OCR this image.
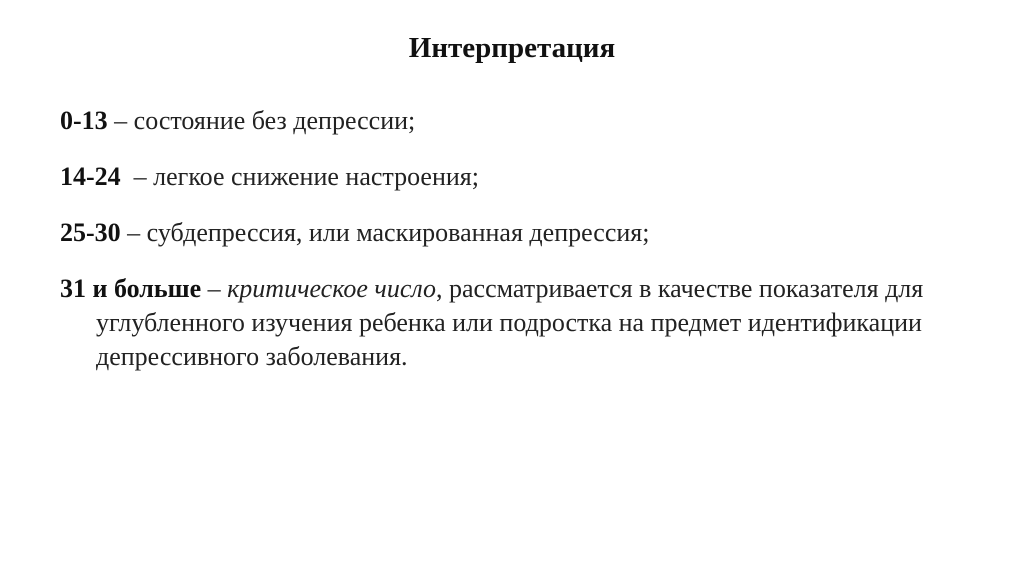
Интерпретация

0-13 – состояние без депрессии;

14-24  – легкое снижение настроения;

25-30 – субдепрессия, или маскированная депрессия;

31 и больше – критическое число, рассматривается в качестве показателя для углубленного изучения ребенка или подростка на предмет идентификации депрессивного заболевания.
